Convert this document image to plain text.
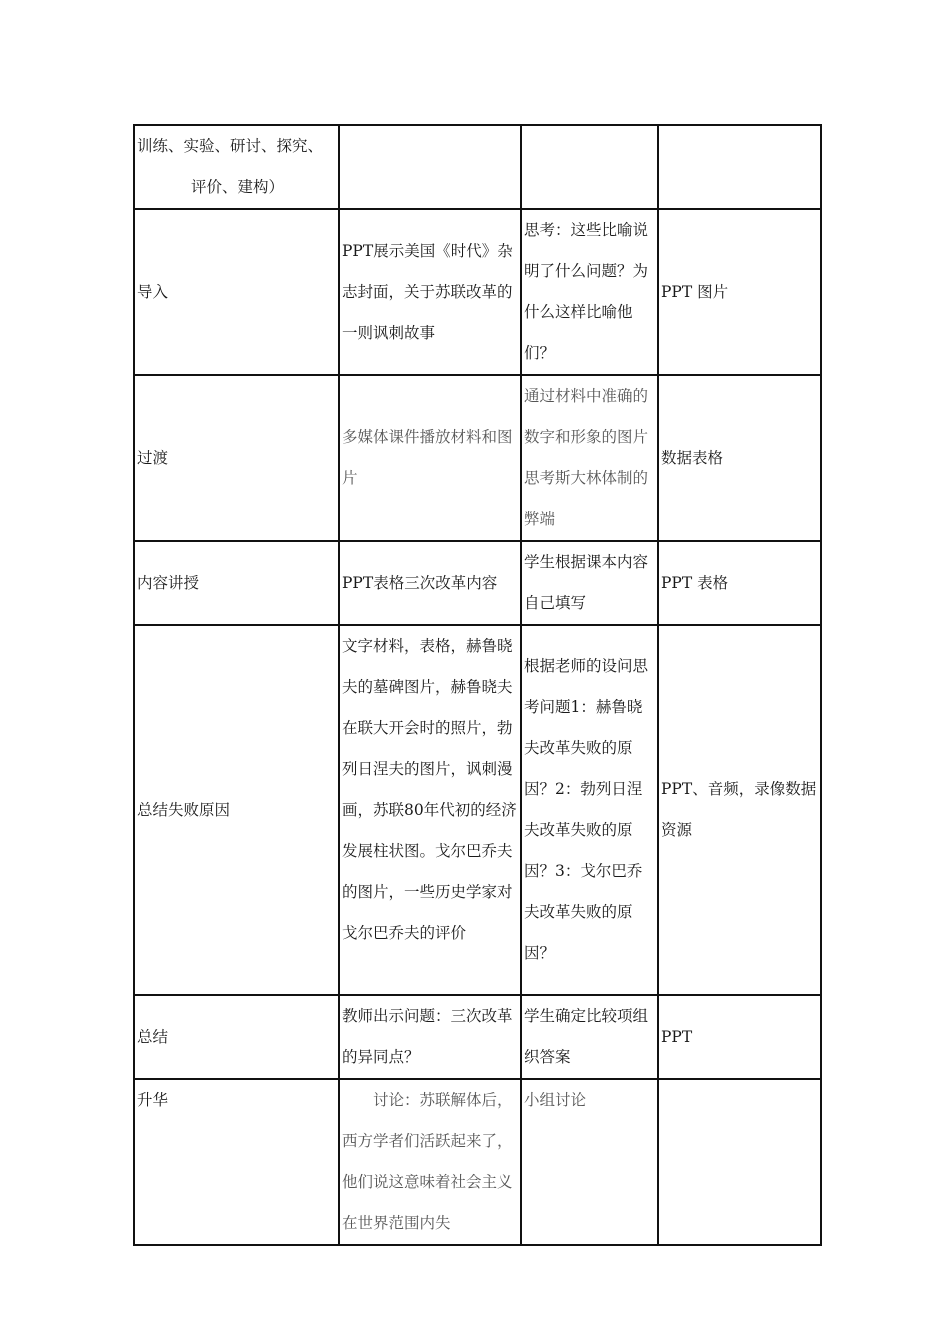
训练、实验、研讨、探究、
评价、建构）			

导入	PPT展示美国《时代》杂志封面，关于苏联改革的一则讽刺故事	思考：这些比喻说明了什么问题？为什么这样比喻他们？	PPT 图片
过渡	多媒体课件播放材料和图片	通过材料中准确的数字和形象的图片思考斯大林体制的弊端	数据表格
内容讲授	PPT表格三次改革内容	学生根据课本内容自己填写	PPT 表格
总结失败原因	文字材料，表格，赫鲁晓夫的墓碑图片，赫鲁晓夫在联大开会时的照片，勃列日涅夫的图片，讽刺漫画，苏联80年代初的经济发展柱状图。戈尔巴乔夫的图片，一些历史学家对戈尔巴乔夫的评价	根据老师的设问思考问题1：赫鲁晓夫改革失败的原因？2：勃列日涅夫改革失败的原因？3：戈尔巴乔夫改革失败的原因？	PPT、音频，录像数据资源
总结	教师出示问题：三次改革的异同点？	学生确定比较项组织答案	PPT
升华	讨论：苏联解体后，西方学者们活跃起来了，他们说这意味着社会主义在世界范围内失	小组讨论	
